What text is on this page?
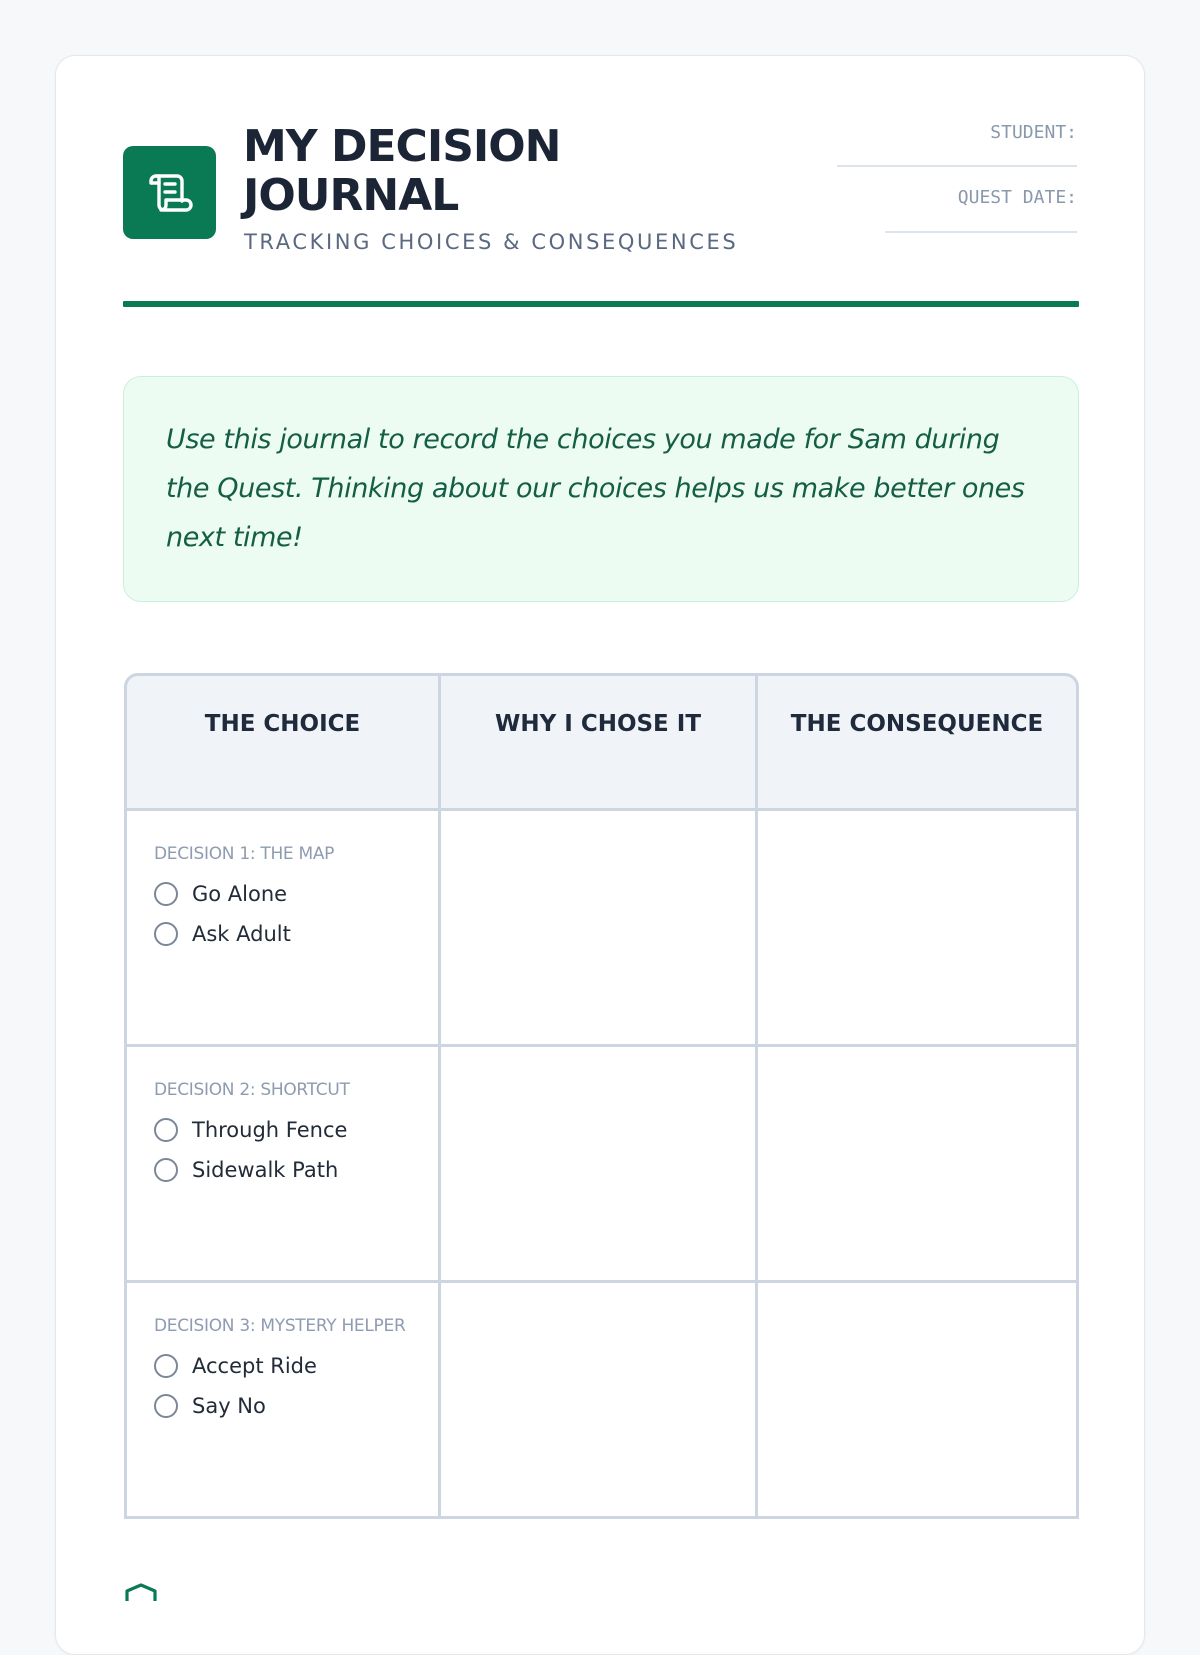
MY DECISION
JOURNAL
TRACKING CHOICES & CONSEQUENCES
STUDENT:
QUEST DATE:
Use this journal to record the choices you made for Sam during the Quest. Thinking about our choices helps us make better ones next time!
THE CHOICE	WHY I CHOSE IT	THE CONSEQUENCE

DECISION 1: THE MAP
Go Alone
Ask Adult		

DECISION 2: SHORTCUT
Through Fence
Sidewalk Path		

DECISION 3: MYSTERY HELPER
Accept Ride
Say No		
